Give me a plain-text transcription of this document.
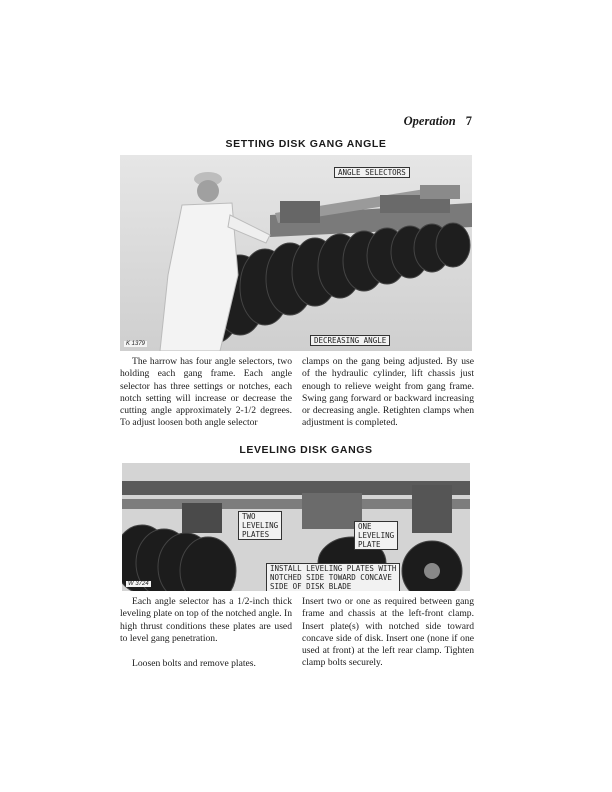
Operation 7
SETTING DISK GANG ANGLE
ANGLE SELECTORS
DECREASING ANGLE
K 1379

The harrow has four angle selectors, two holding each gang frame. Each angle selector has three settings or notches, each notch setting will increase or decrease the cutting angle approximately 2-1/2 degrees. To adjust loosen both angle selector

clamps on the gang being adjusted. By use of the hydraulic cylinder, lift chassis just enough to relieve weight from gang frame. Swing gang forward or backward increasing or decreasing angle. Retighten clamps when adjustment is completed.

LEVELING DISK GANGS
TWO
LEVELING
PLATES
ONE
LEVELING
PLATE
INSTALL LEVELING PLATES WITH
NOTCHED SIDE TOWARD CONCAVE
SIDE OF DISK BLADE
W 3724

Each angle selector has a 1/2-inch thick leveling plate on top of the notched angle. In high thrust conditions these plates are used to level gang penetration.

Loosen bolts and remove plates.

Insert two or one as required between gang frame and chassis at the left-front clamp. Insert plate(s) with notched side toward concave side of disk. Insert one (none if one used at front) at the left rear clamp. Tighten clamp bolts securely.
